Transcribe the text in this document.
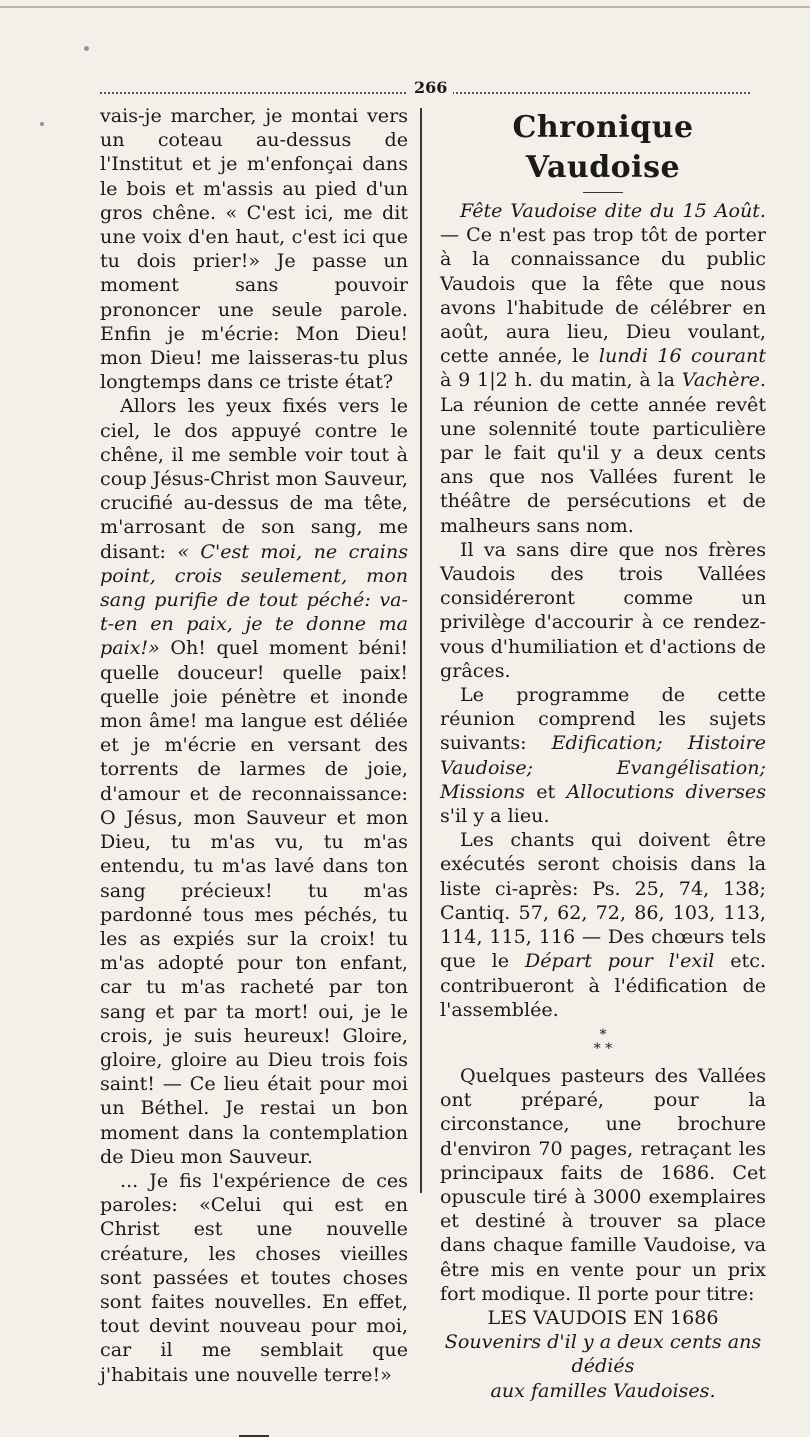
266

vais-je marcher, je montai vers un coteau au-dessus de l'Institut et je m'enfonçai dans le bois et m'assis au pied d'un gros chêne. « C'est ici, me dit une voix d'en haut, c'est ici que tu dois prier!» Je passe un moment sans pouvoir prononcer une seule parole. Enfin je m'écrie: Mon Dieu! mon Dieu! me laisseras-tu plus longtemps dans ce triste état?

Allors les yeux fixés vers le ciel, le dos appuyé contre le chêne, il me semble voir tout à coup Jésus-Christ mon Sauveur, crucifié au-dessus de ma tête, m'arrosant de son sang, me disant: « C'est moi, ne crains point, crois seulement, mon sang purifie de tout péché: va-t-en en paix, je te donne ma paix!» Oh! quel moment béni! quelle douceur! quelle paix! quelle joie pénètre et inonde mon âme! ma langue est déliée et je m'écrie en versant des torrents de larmes de joie, d'amour et de reconnaissance: O Jésus, mon Sauveur et mon Dieu, tu m'as vu, tu m'as entendu, tu m'as lavé dans ton sang précieux! tu m'as pardonné tous mes péchés, tu les as expiés sur la croix! tu m'as adopté pour ton enfant, car tu m'as racheté par ton sang et par ta mort! oui, je le crois, je suis heureux! Gloire, gloire, gloire au Dieu trois fois saint! — Ce lieu était pour moi un Béthel. Je restai un bon moment dans la contemplation de Dieu mon Sauveur.

... Je fis l'expérience de ces paroles: «Celui qui est en Christ est une nouvelle créature, les choses vieilles sont passées et toutes choses sont faites nouvelles. En effet, tout devint nouveau pour moi, car il me semblait que j'habitais une nouvelle terre!»

Chronique Vaudoise

Fête Vaudoise dite du 15 Août. — Ce n'est pas trop tôt de porter à la connaissance du public Vaudois que la fête que nous avons l'habitude de célébrer en août, aura lieu, Dieu voulant, cette année, le lundi 16 courant à 9 1|2 h. du matin, à la Vachère. La réunion de cette année revêt une solennité toute particulière par le fait qu'il y a deux cents ans que nos Vallées furent le théâtre de persécutions et de malheurs sans nom.

Il va sans dire que nos frères Vaudois des trois Vallées considéreront comme un privilège d'accourir à ce rendez-vous d'humiliation et d'actions de grâces.

Le programme de cette réunion comprend les sujets suivants: Edification; Histoire Vaudoise; Evangélisation; Missions et Allocutions diverses s'il y a lieu.

Les chants qui doivent être exécutés seront choisis dans la liste ci-après: Ps. 25, 74, 138; Cantiq. 57, 62, 72, 86, 103, 113, 114, 115, 116 — Des chœurs tels que le Départ pour l'exil etc. contribueront à l'édification de l'assemblée.

*
* *

Quelques pasteurs des Vallées ont préparé, pour la circonstance, une brochure d'environ 70 pages, retraçant les principaux faits de 1686. Cet opuscule tiré à 3000 exemplaires et destiné à trouver sa place dans chaque famille Vaudoise, va être mis en vente pour un prix fort modique. Il porte pour titre:

LES VAUDOIS EN 1686

Souvenirs d'il y a deux cents ans

dédiés

aux familles Vaudoises.
